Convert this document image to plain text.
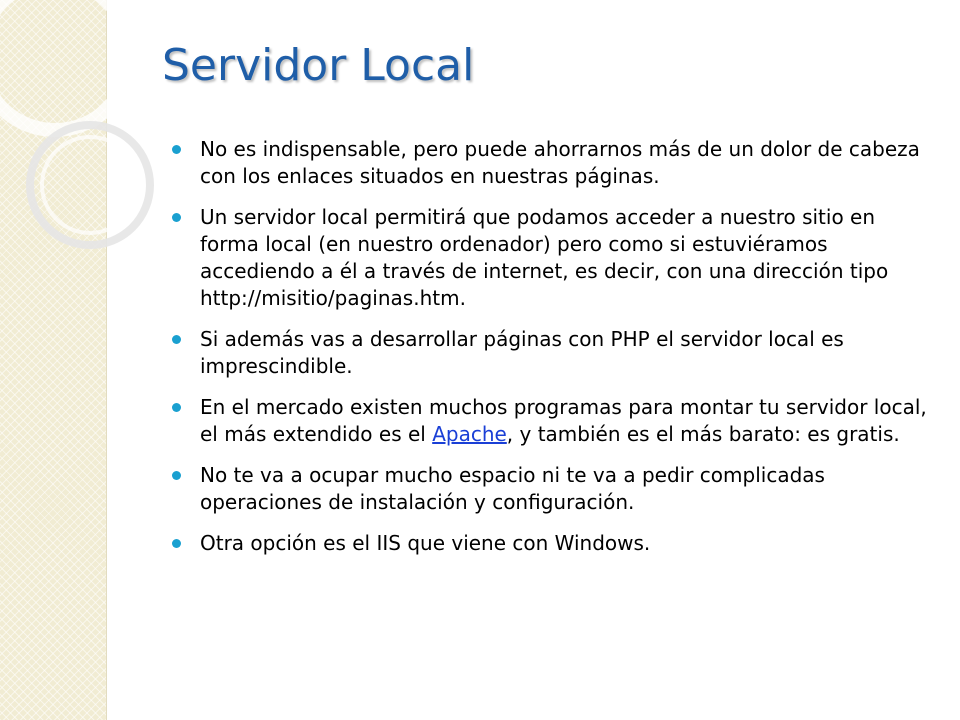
Servidor Local
No es indispensable, pero puede ahorrarnos más de un dolor de cabeza con los enlaces situados en nuestras páginas.
Un servidor local permitirá que podamos acceder a nuestro sitio en forma local (en nuestro ordenador) pero como si estuviéramos accediendo a él a través de internet, es decir, con una dirección tipo http://misitio/paginas.htm.
Si además vas a desarrollar páginas con PHP el servidor local es imprescindible.
En el mercado existen muchos programas para montar tu servidor local, el más extendido es el Apache, y también es el más barato: es gratis.
No te va a ocupar mucho espacio ni te va a pedir complicadas operaciones de instalación y configuración.
Otra opción es el IIS que viene con Windows.
